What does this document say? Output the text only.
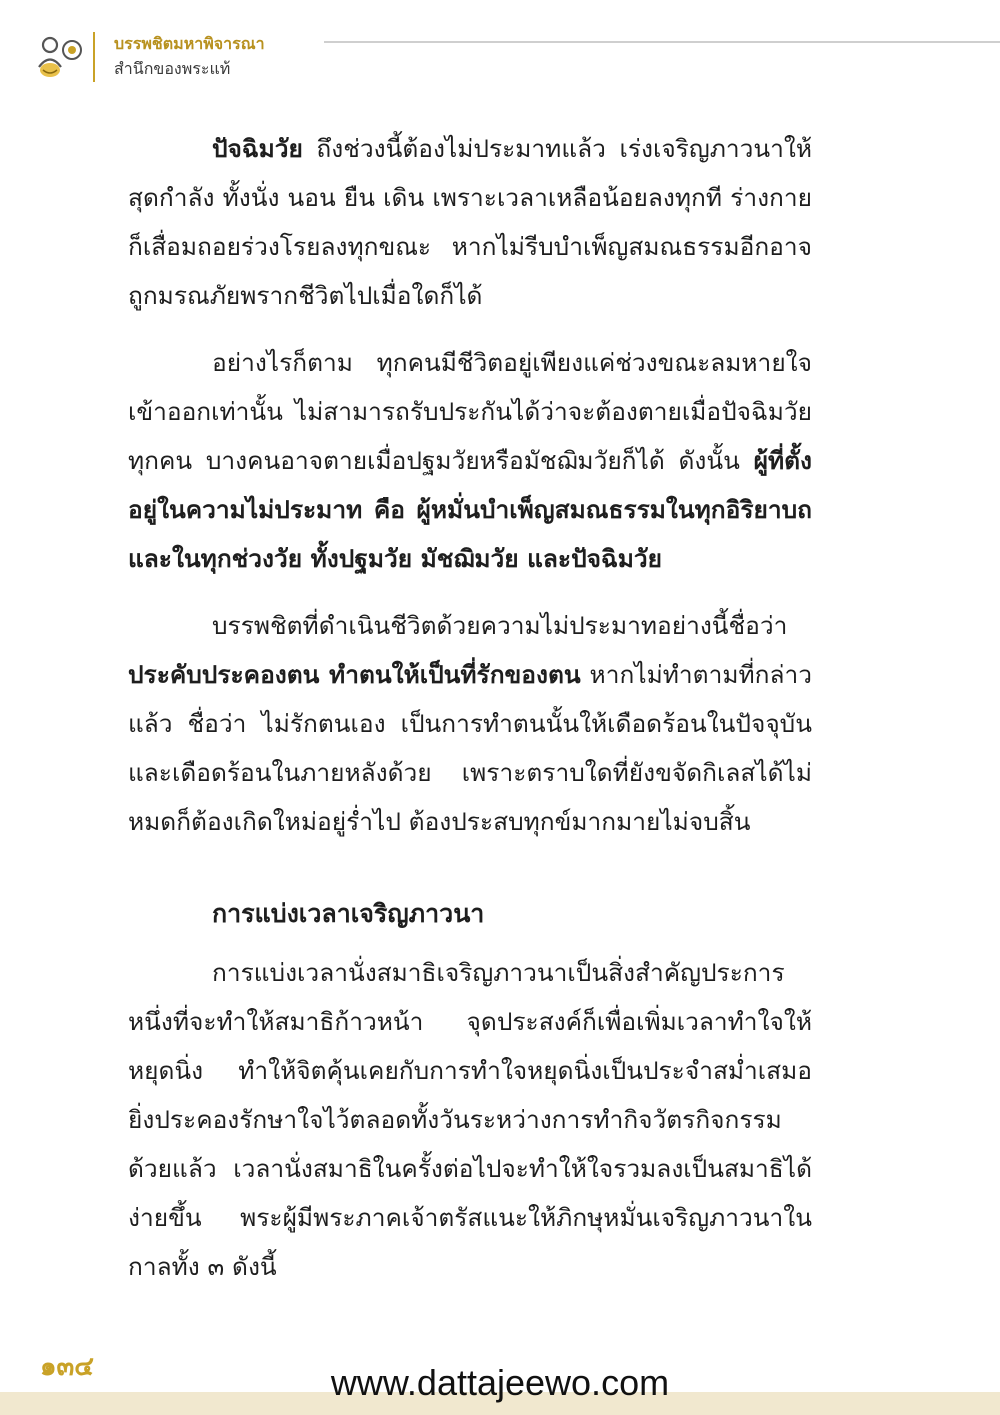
บรรพชิตมหาพิจารณา
สำนึกของพระแท้

ปัจฉิมวัย ถึงช่วงนี้ต้องไม่ประมาทแล้ว เร่งเจริญภาวนาให้สุดกำลัง ทั้งนั่ง นอน ยืน เดิน เพราะเวลาเหลือน้อยลงทุกที ร่างกายก็เสื่อมถอยร่วงโรยลงทุกขณะ หากไม่รีบบำเพ็ญสมณธรรมอีกอาจถูกมรณภัยพรากชีวิตไปเมื่อใดก็ได้

อย่างไรก็ตาม ทุกคนมีชีวิตอยู่เพียงแค่ช่วงขณะลมหายใจเข้าออกเท่านั้น ไม่สามารถรับประกันได้ว่าจะต้องตายเมื่อปัจฉิมวัยทุกคน บางคนอาจตายเมื่อปฐมวัยหรือมัชฌิมวัยก็ได้ ดังนั้น ผู้ที่ตั้งอยู่ในความไม่ประมาท คือ ผู้หมั่นบำเพ็ญสมณธรรมในทุกอิริยาบถและในทุกช่วงวัย ทั้งปฐมวัย มัชฌิมวัย และปัจฉิมวัย

บรรพชิตที่ดำเนินชีวิตด้วยความไม่ประมาทอย่างนี้ชื่อว่า ประคับประคองตน ทำตนให้เป็นที่รักของตน หากไม่ทำตามที่กล่าวแล้ว ชื่อว่า ไม่รักตนเอง เป็นการทำตนนั้นให้เดือดร้อนในปัจจุบันและเดือดร้อนในภายหลังด้วย เพราะตราบใดที่ยังขจัดกิเลสได้ไม่หมดก็ต้องเกิดใหม่อยู่ร่ำไป ต้องประสบทุกข์มากมายไม่จบสิ้น

การแบ่งเวลาเจริญภาวนา

การแบ่งเวลานั่งสมาธิเจริญภาวนาเป็นสิ่งสำคัญประการหนึ่งที่จะทำให้สมาธิก้าวหน้า จุดประสงค์ก็เพื่อเพิ่มเวลาทำใจให้หยุดนิ่ง ทำให้จิตคุ้นเคยกับการทำใจหยุดนิ่งเป็นประจำสม่ำเสมอ ยิ่งประคองรักษาใจไว้ตลอดทั้งวันระหว่างการทำกิจวัตรกิจกรรมด้วยแล้ว เวลานั่งสมาธิในครั้งต่อไปจะทำให้ใจรวมลงเป็นสมาธิได้ง่ายขึ้น พระผู้มีพระภาคเจ้าตรัสแนะให้ภิกษุหมั่นเจริญภาวนาในกาลทั้ง ๓ ดังนี้

๑๓๔	www.dattajeewo.com
